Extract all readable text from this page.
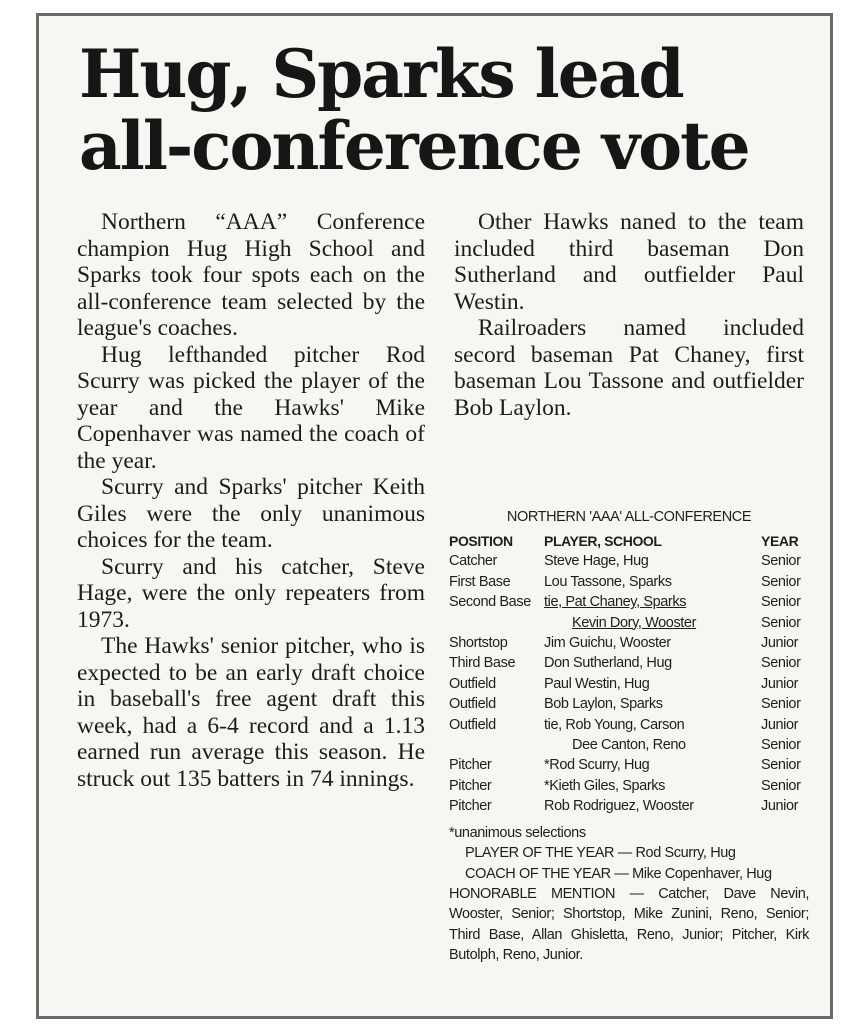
Hug, Sparks lead all-conference vote

Northern “AAA” Conference champion Hug High School and Sparks took four spots each on the all-conference team selected by the league's coaches.

Hug lefthanded pitcher Rod Scurry was picked the player of the year and the Hawks' Mike Copenhaver was named the coach of the year.

Scurry and Sparks' pitcher Keith Giles were the only unanimous choices for the team.

Scurry and his catcher, Steve Hage, were the only repeaters from 1973.

The Hawks' senior pitcher, who is expected to be an early draft choice in baseball's free agent draft this week, had a 6-4 record and a 1.13 earned run average this season. He struck out 135 batters in 74 innings.

Other Hawks naned to the team included third baseman Don Sutherland and outfielder Paul Westin.

Railroaders named included secord baseman Pat Chaney, first baseman Lou Tassone and outfielder Bob Laylon.

NORTHERN 'AAA' ALL-CONFERENCE
POSITION	PLAYER, SCHOOL	YEAR
Catcher	Steve Hage, Hug	Senior
First Base	Lou Tassone, Sparks	Senior
Second Base	tie, Pat Chaney, Sparks	Senior
	Kevin Dory, Wooster	Senior
Shortstop	Jim Guichu, Wooster	Junior
Third Base	Don Sutherland, Hug	Senior
Outfield	Paul Westin, Hug	Junior
Outfield	Bob Laylon, Sparks	Senior
Outfield	tie, Rob Young, Carson	Junior
	Dee Canton, Reno	Senior
Pitcher	*Rod Scurry, Hug	Senior
Pitcher	*Kieth Giles, Sparks	Senior
Pitcher	Rob Rodriguez, Wooster	Junior
*unanimous selections
PLAYER OF THE YEAR — Rod Scurry, Hug
COACH OF THE YEAR — Mike Copenhaver, Hug
HONORABLE MENTION — Catcher, Dave Nevin, Wooster, Senior; Shortstop, Mike Zunini, Reno, Senior; Third Base, Allan Ghisletta, Reno, Junior; Pitcher, Kirk Butolph, Reno, Junior.
